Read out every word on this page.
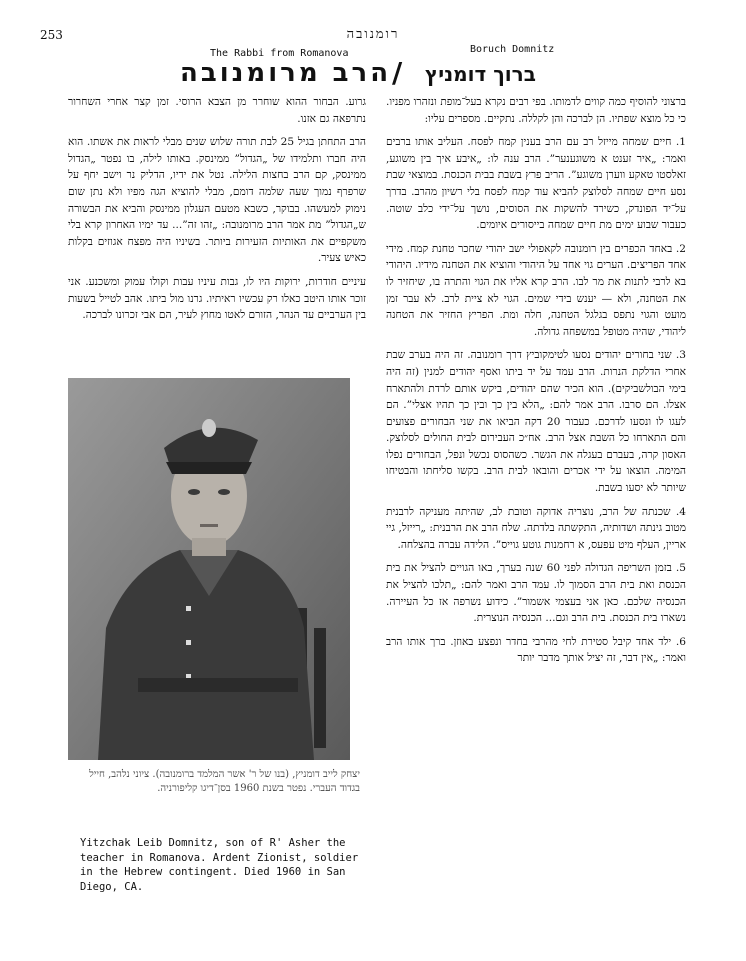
253	רומנובה
The Rabbi from Romanova	Boruch Domnitz
הרב מרומנובה / ברוך דומניץ

ברצוני להוסיף כמה קווים לדמותו. בפי רבים נקרא בעל־מופת ונזהרו מפניו. כי כל מוצא שפתיו. הן לברכה והן לקללה. נתקיים. מספרים עליו:

1. חיים שמחה מייזל רב עם הרב בענין קמח לפסח. העליב אותו ברבים ואמר: „איר זענט א משוגענער”. הרב ענה לו: „איבע איך בין משוגע, זאלסטו טאקע ווערן משוגע”. הריב פרץ בשבת בבית הכנסת. במוצאי שבת נסע חיים שמחה לסלוצק להביא עוד קמח לפסח בלי רשיון מהרב. בדרך על־יד הפונדק, כשירד להשקות את הסוסים, נושך על־ידי כלב שוטה. כעבור שבוע ימים מת חיים שמחה בייסורים איומים.

2. באחד הכפרים בין רומנובה לקאפולי ישב יהודי שחכר טחנת קמח. מידי אחד הפריצים. הערים גוי אחד על היהודי והוציא את הטחנה מידיו. היהודי בא לרבי לתנות את מר לבו. הרב קרא אליו את הגוי והתרה בו, שיחזיר לו את הטחנה, ולא — יענש בידי שמים. הגוי לא ציית לרב. לא עבר זמן מועט והגוי נתפס בגלגל הטחנה, חלה ומת. הפריץ החזיר את הטחנה ליהודי, שהיה מטופל במשפחה גדולה.

3. שני בחורים יהודים נסעו לטימקוביץ דרך רומנובה. זה היה בערב שבת אחרי הדלקת הנרות. הרב עמד על יד ביתו ואסף יהודים למנין (זה היה בימי הבולשביקים). הוא הכיר שהם יהודים, ביקש אותם לרדת ולהתארח אצלו. הם סרבו. הרב אמר להם: „הלא בין כך ובין כך תהיו אצלי”. הם לעגו לו ונסעו לדרכם. כעבור 20 דקה הביאו את שני הבחורים פצועים והם התארחו כל השבת אצל הרב. אח״כ העבירום לבית החולים לסלוצק. האסון קרה, בעברם בעגלה את הגשר. כשהסוס נכשל ונפל, הבחורים נפלו המימה. הוצאו על ידי אכרים והובאו לבית הרב. בקשו סליחתו והבטיחו שיותר לא יסעו בשבת.

4. שכנתה של הרב, נוצריה אדוקה וטובת לב, שהיתה מעניקה לרבנית מטוב גינתה ושדותיה, התקשתה בלדתה. שלח הרב את הרבנית: „רייזל, גיי אריין, העלף מיט עפעס, א רחמנות גוטע גוייס”. הלידה עברה בהצלחה.

5. בזמן השריפה הגדולה לפני 60 שנה בערך, באו הגויים להציל את בית הכנסת ואת בית הרב הסמוך לו. עמד הרב ואמר להם: „תלכו להציל את הכנסיה שלכם. כאן אני בעצמי אשמור”. כידוע נשרפה אז כל העיירה. נשארו בית הכנסת. בית הרב וגם... הכנסיה הנוצרית.

6. ילד אחד קיבל סטירת לחי מהרבי בחדר ונפצע באוזן. ברך אותו הרב ואמר: „אין דבר, זה יציל אותך מדבר יותר

גרוע. הבחור ההוא שוחרר מן הצבא הרוסי. זמן קצר אחרי השחרור נתרפאה גם אזנו.

הרב התחתן בגיל 25 לבת תורה שלוש שנים מבלי לראות את אשתו. הוא היה חברו ותלמידו של „הגדול” ממינסק. באותו לילה, בו נפטר „הגדול ממינסק, קם הרב בחצות הלילה. נטל את ידיו, הדליק נר וישב יחף על שרפרף נמוך שעה שלמה דומם, מבלי להוציא הגה מפיו ולא נתן שום נימוק למעשהו. בבוקר, כשבא מטעם העגלון ממינסק והביא את הבשורה ש„הגדול” מת אמר הרב מרומנובה: „זהו זה”... עד ימיו האחרון קרא בלי משקפיים את האותיות הזעירות ביותר. בשיניו היה מפצח אגוזים בקלות כאיש צעיר.

עיניים חודרות, ירוקות היו לו, גבות עיניו עבות וקולו עמוק ומשכנע. אני זוכר אותו היטב כאלו רק עכשיו ראיתיו. גרנו מול ביתו. אהב לטייל בשעות בין הערביים עד הנהר, הזורם לאטו מחוץ לעיר, הם אבי זכרונו לברכה.

יצחק לייב דומניץ, (בנו של ר' אשר המלמד ברומנובה). ציוני נלהב, חייל בגדוד העברי. נפטר בשנת 1960 בסן־דיגו קליפורניה.
Yitzchak Leib Domnitz, son of R' Asher the teacher in Romanova. Ardent Zionist, soldier in the Hebrew contingent. Died 1960 in San Diego, CA.
